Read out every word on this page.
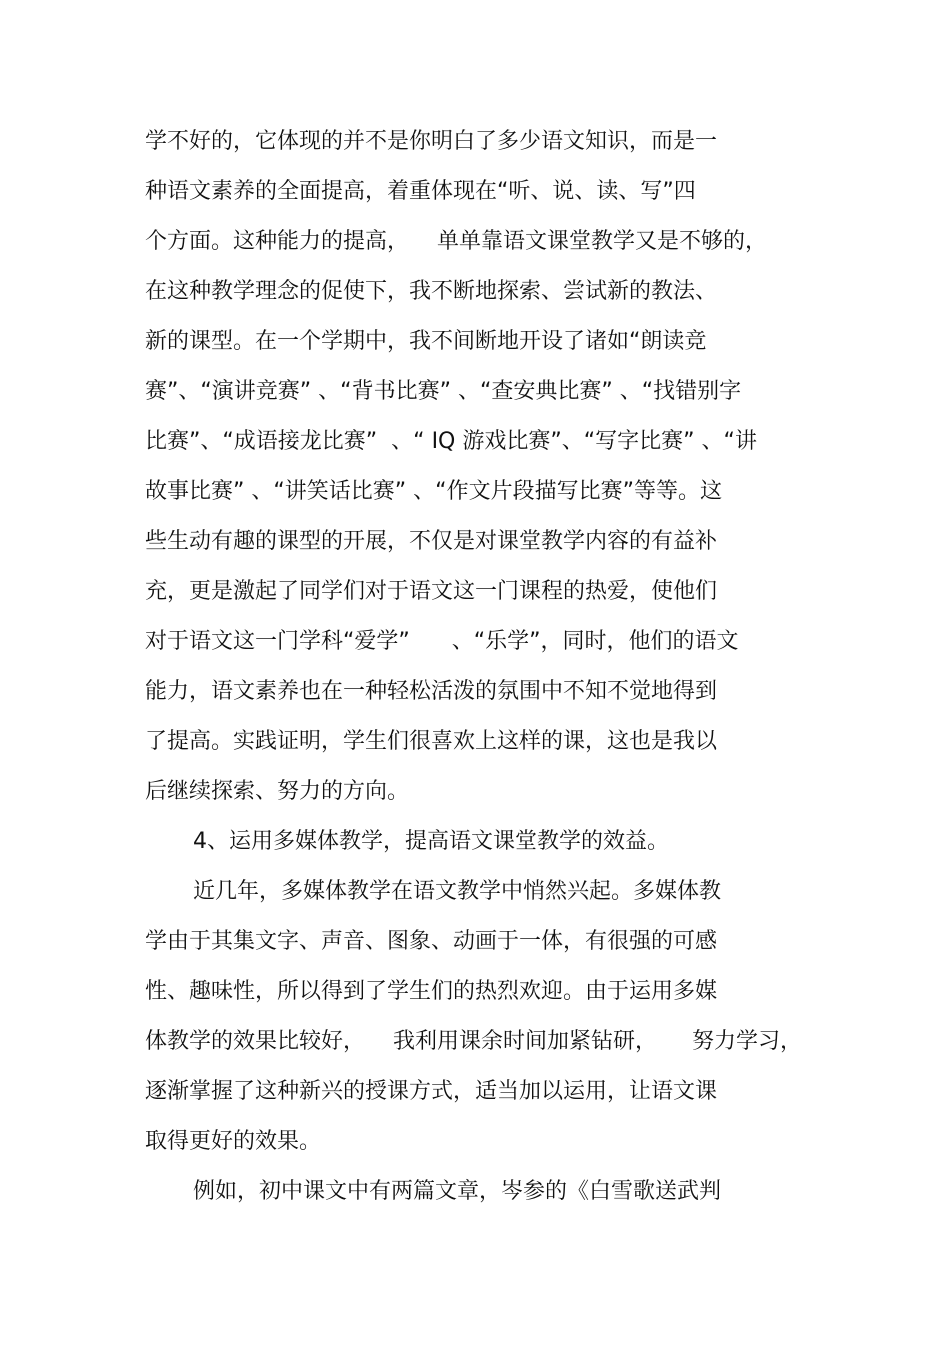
学不好的，它体现的并不是你明白了多少语文知识，而是一
种语文素养的全面提高，着重体现在“听、说、读、写”四
个方面。这种能力的提高，    单单靠语文课堂教学又是不够的，
在这种教学理念的促使下，我不断地探索、尝试新的教法、
新的课型。在一个学期中，我不间断地开设了诸如“朗读竞
赛”、“演讲竞赛” 、“背书比赛” 、“查安典比赛” 、“找错别字
比赛”、“成语接龙比赛”  、“ IQ 游戏比赛”、“写字比赛” 、“讲
故事比赛” 、“讲笑话比赛” 、“作文片段描写比赛”等等。这
些生动有趣的课型的开展，不仅是对课堂教学内容的有益补
充，更是激起了同学们对于语文这一门课程的热爱，使他们
对于语文这一门学科“爱学”      、“乐学”，同时，他们的语文
能力，语文素养也在一种轻松活泼的氛围中不知不觉地得到
了提高。实践证明，学生们很喜欢上这样的课，这也是我以
后继续探索、努力的方向。
4、运用多媒体教学，提高语文课堂教学的效益。
近几年，多媒体教学在语文教学中悄然兴起。多媒体教
学由于其集文字、声音、图象、动画于一体，有很强的可感
性、趣味性，所以得到了学生们的热烈欢迎。由于运用多媒
体教学的效果比较好，    我利用课余时间加紧钻研，     努力学习，
逐渐掌握了这种新兴的授课方式，适当加以运用，让语文课
取得更好的效果。
例如，初中课文中有两篇文章，岑参的《白雪歌送武判
